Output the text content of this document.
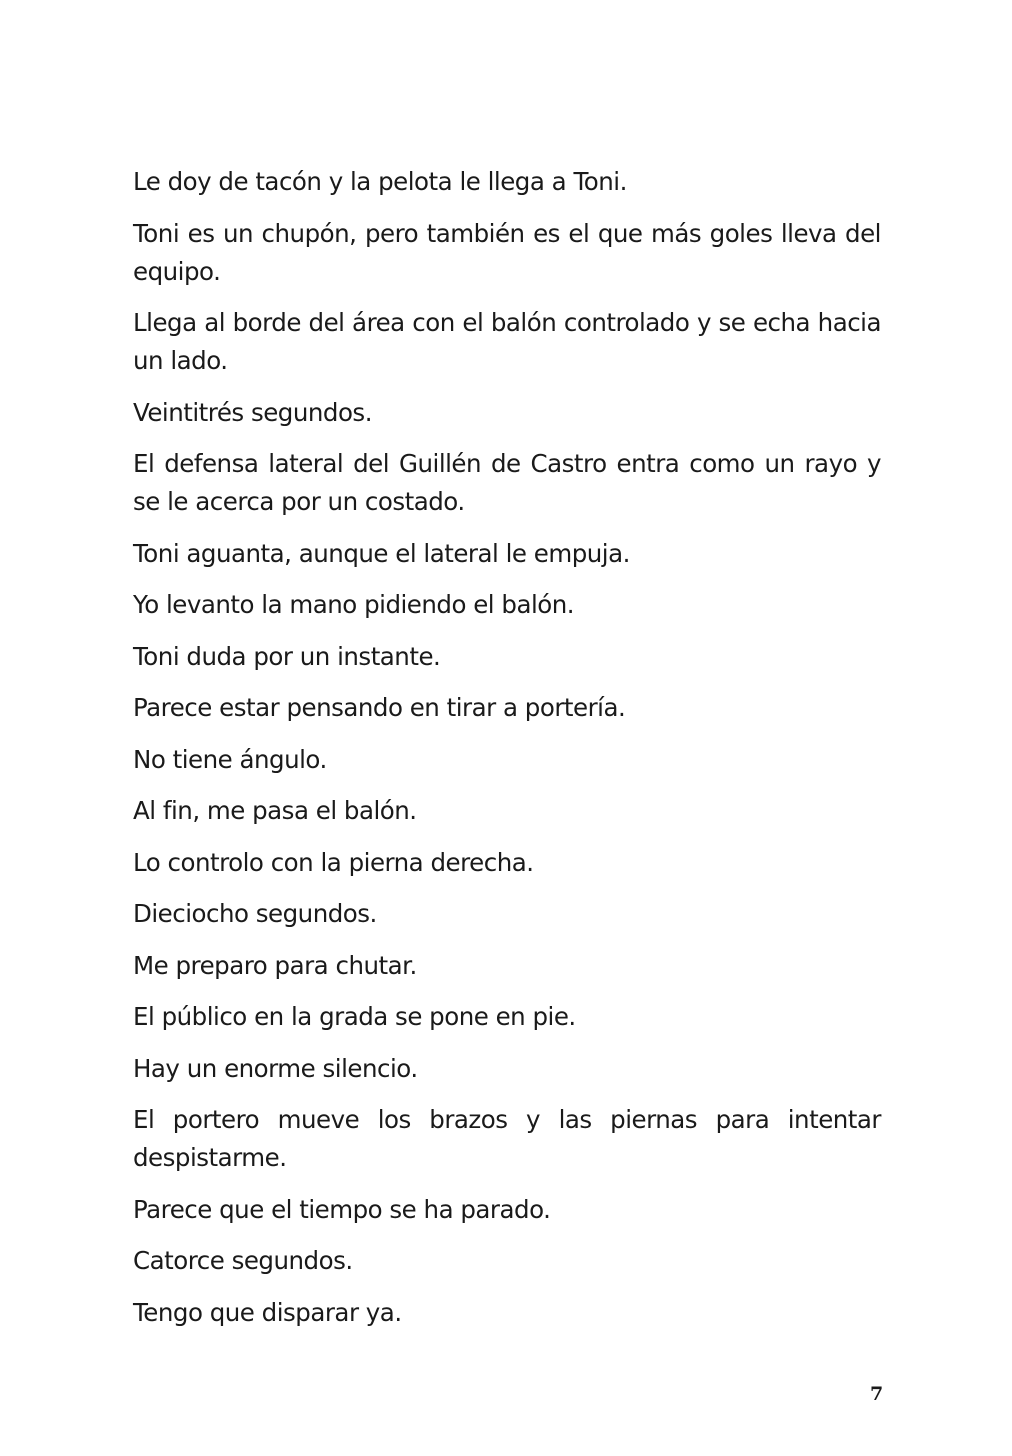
Le doy de tacón y la pelota le llega a Toni.

Toni es un chupón, pero también es el que más goles lleva del equipo.

Llega al borde del área con el balón controlado y se echa hacia un lado.

Veintitrés segundos.

El defensa lateral del Guillén de Castro entra como un rayo y se le acerca por un costado.

Toni aguanta, aunque el lateral le empuja.

Yo levanto la mano pidiendo el balón.

Toni duda por un instante.

Parece estar pensando en tirar a portería.

No tiene ángulo.

Al fin, me pasa el balón.

Lo controlo con la pierna derecha.

Dieciocho segundos.

Me preparo para chutar.

El público en la grada se pone en pie.

Hay un enorme silencio.

El portero mueve los brazos y las piernas para intentar despistarme.

Parece que el tiempo se ha parado.

Catorce segundos.

Tengo que disparar ya.

7
